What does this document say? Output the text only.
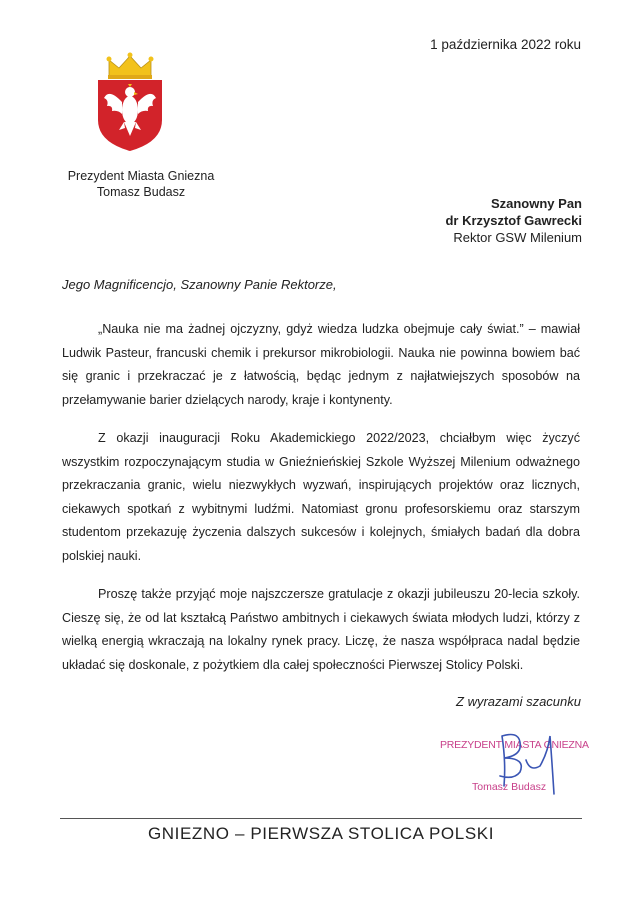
1 października 2022 roku
Prezydent Miasta Gniezna
Tomasz Budasz
Szanowny Pan
dr Krzysztof Gawrecki
Rektor GSW Milenium
Jego Magnificencjo, Szanowny Panie Rektorze,
„Nauka nie ma żadnej ojczyzny, gdyż wiedza ludzka obejmuje cały świat.” – mawiał Ludwik Pasteur, francuski chemik i prekursor mikrobiologii. Nauka nie powinna bowiem bać się granic i przekraczać je z łatwością, będąc jednym z najłatwiejszych sposobów na przełamywanie barier dzielących narody, kraje i kontynenty.
Z okazji inauguracji Roku Akademickiego 2022/2023, chciałbym więc życzyć wszystkim rozpoczynającym studia w Gnieźnieńskiej Szkole Wyższej Milenium odważnego przekraczania granic, wielu niezwykłych wyzwań, inspirujących projektów oraz licznych, ciekawych spotkań z wybitnymi ludźmi. Natomiast gronu profesorskiemu oraz starszym studentom przekazuję życzenia dalszych sukcesów i kolejnych, śmiałych badań dla dobra polskiej nauki.
Proszę także przyjąć moje najszczersze gratulacje z okazji jubileuszu 20-lecia szkoły. Cieszę się, że od lat kształcą Państwo ambitnych i ciekawych świata młodych ludzi, którzy z wielką energią wkraczają na lokalny rynek pracy. Liczę, że nasza współpraca nadal będzie układać się doskonale, z pożytkiem dla całej społeczności Pierwszej Stolicy Polski.
Z wyrazami szacunku
PREZYDENT MIASTA GNIEZNA
Tomasz Budasz
GNIEZNO – PIERWSZA STOLICA POLSKI
